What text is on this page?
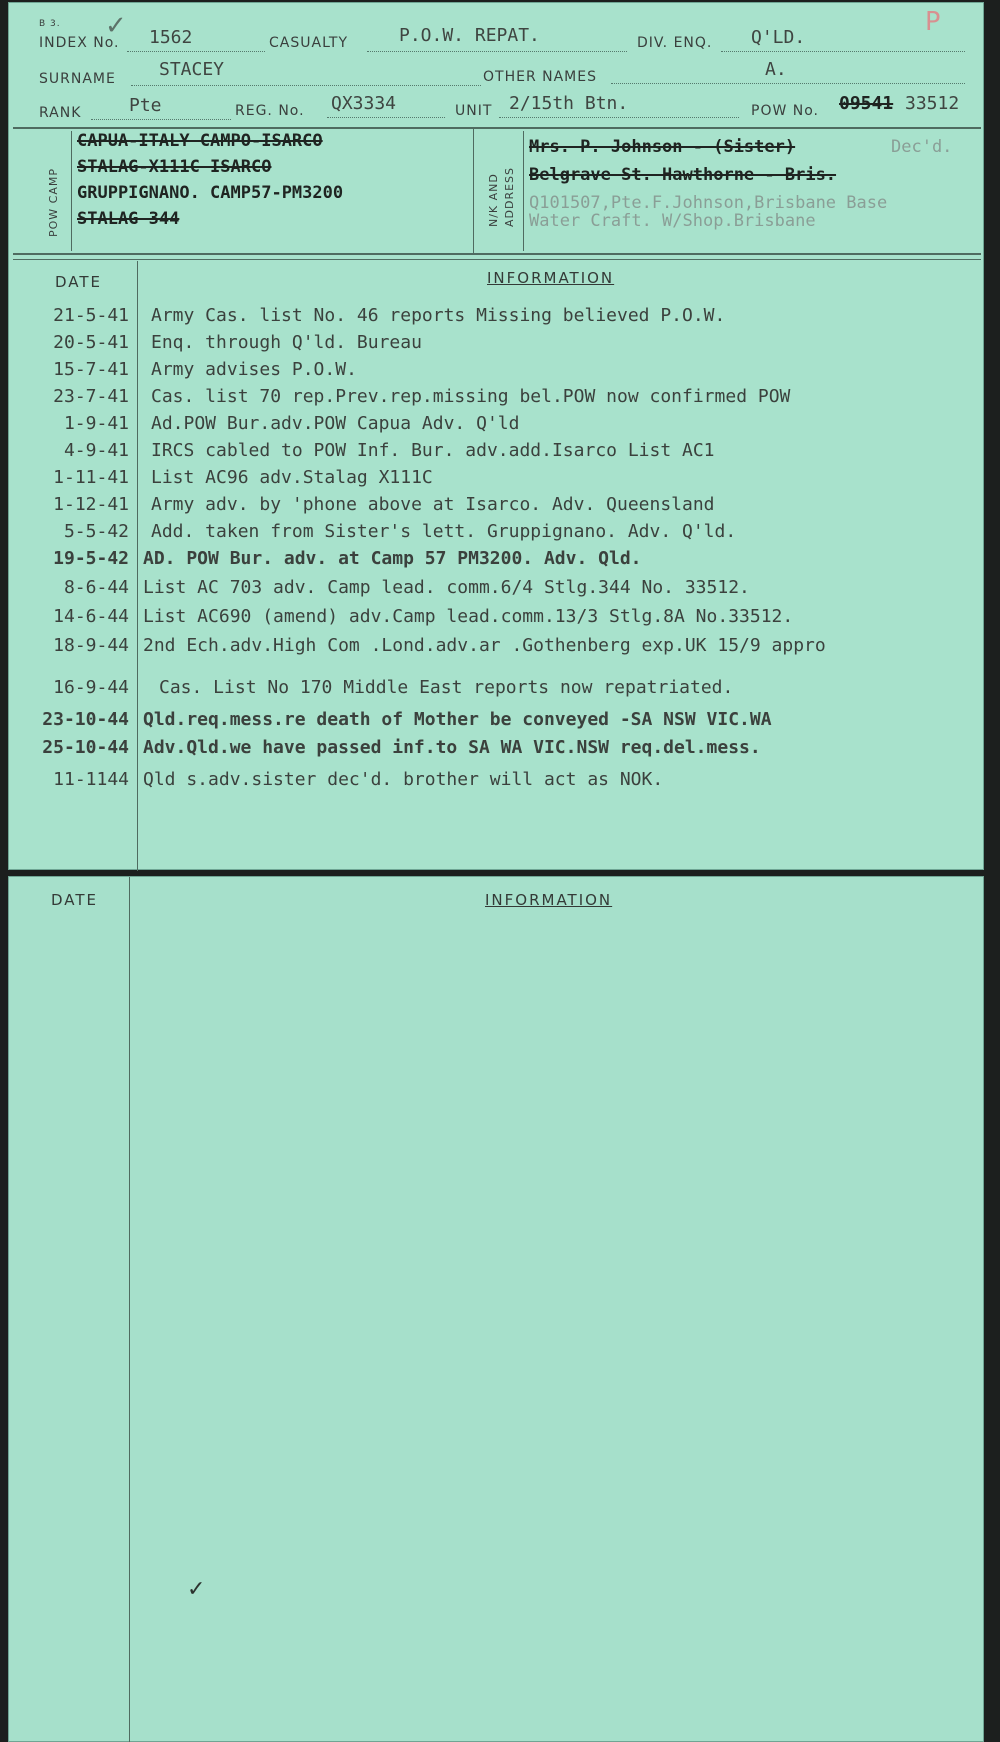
B 3.	P
✓
INDEX No. 1562	CASUALTY	P.O.W. REPAT.	DIV. ENQ. Q'LD.
SURNAME STACEY	OTHER NAMES	A.
RANK	Pte	REG. No. QX3334	UNIT 2/15th Btn.	POW No. 09541 33512
POW CAMP
CAPUA-ITALY CAMPO-ISARCO
STALAG-X111C ISARCO
GRUPPIGNANO. CAMP57-PM3200
STALAG 344	N/K AND ADDRESS
Mrs. P. Johnson - (Sister)	Dec'd.
Belgrave St. Hawthorne - Bris.
Q101507,Pte.F.Johnson,Brisbane Base
Water Craft. W/Shop.Brisbane
DATE	INFORMATION
21-5-41 Army Cas. list No. 46 reports Missing believed P.O.W.
20-5-41 Enq. through Q'ld. Bureau
15-7-41 Army advises P.O.W.
23-7-41 Cas. list 70 rep.Prev.rep.missing bel.POW now confirmed POW
1-9-41 Ad.POW Bur.adv.POW Capua Adv. Q'ld
4-9-41 IRCS cabled to POW Inf. Bur. adv.add.Isarco List AC1
1-11-41 List AC96 adv.Stalag X111C
1-12-41 Army adv. by 'phone above at Isarco. Adv. Queensland
5-5-42 Add. taken from Sister's lett. Gruppignano. Adv. Q'ld.
19-5-42 AD. POW Bur. adv. at Camp 57 PM3200. Adv. Qld.
8-6-44 List AC 703 adv. Camp lead. comm.6/4 Stlg.344 No. 33512.
14-6-44 List AC690 (amend) adv.Camp lead.comm.13/3 Stlg.8A No.33512.
18-9-44 2nd Ech.adv.High Com .Lond.adv.ar .Gothenberg exp.UK 15/9 appro
16-9-44 Cas. List No 170 Middle East reports now repatriated.
23-10-44 Qld.req.mess.re death of Mother be conveyed -SA NSW VIC.WA
25-10-44 Adv.Qld.we have passed inf.to SA WA VIC.NSW req.del.mess.
11-1144 Qld s.adv.sister dec'd. brother will act as NOK.
DATE	INFORMATION
✓
